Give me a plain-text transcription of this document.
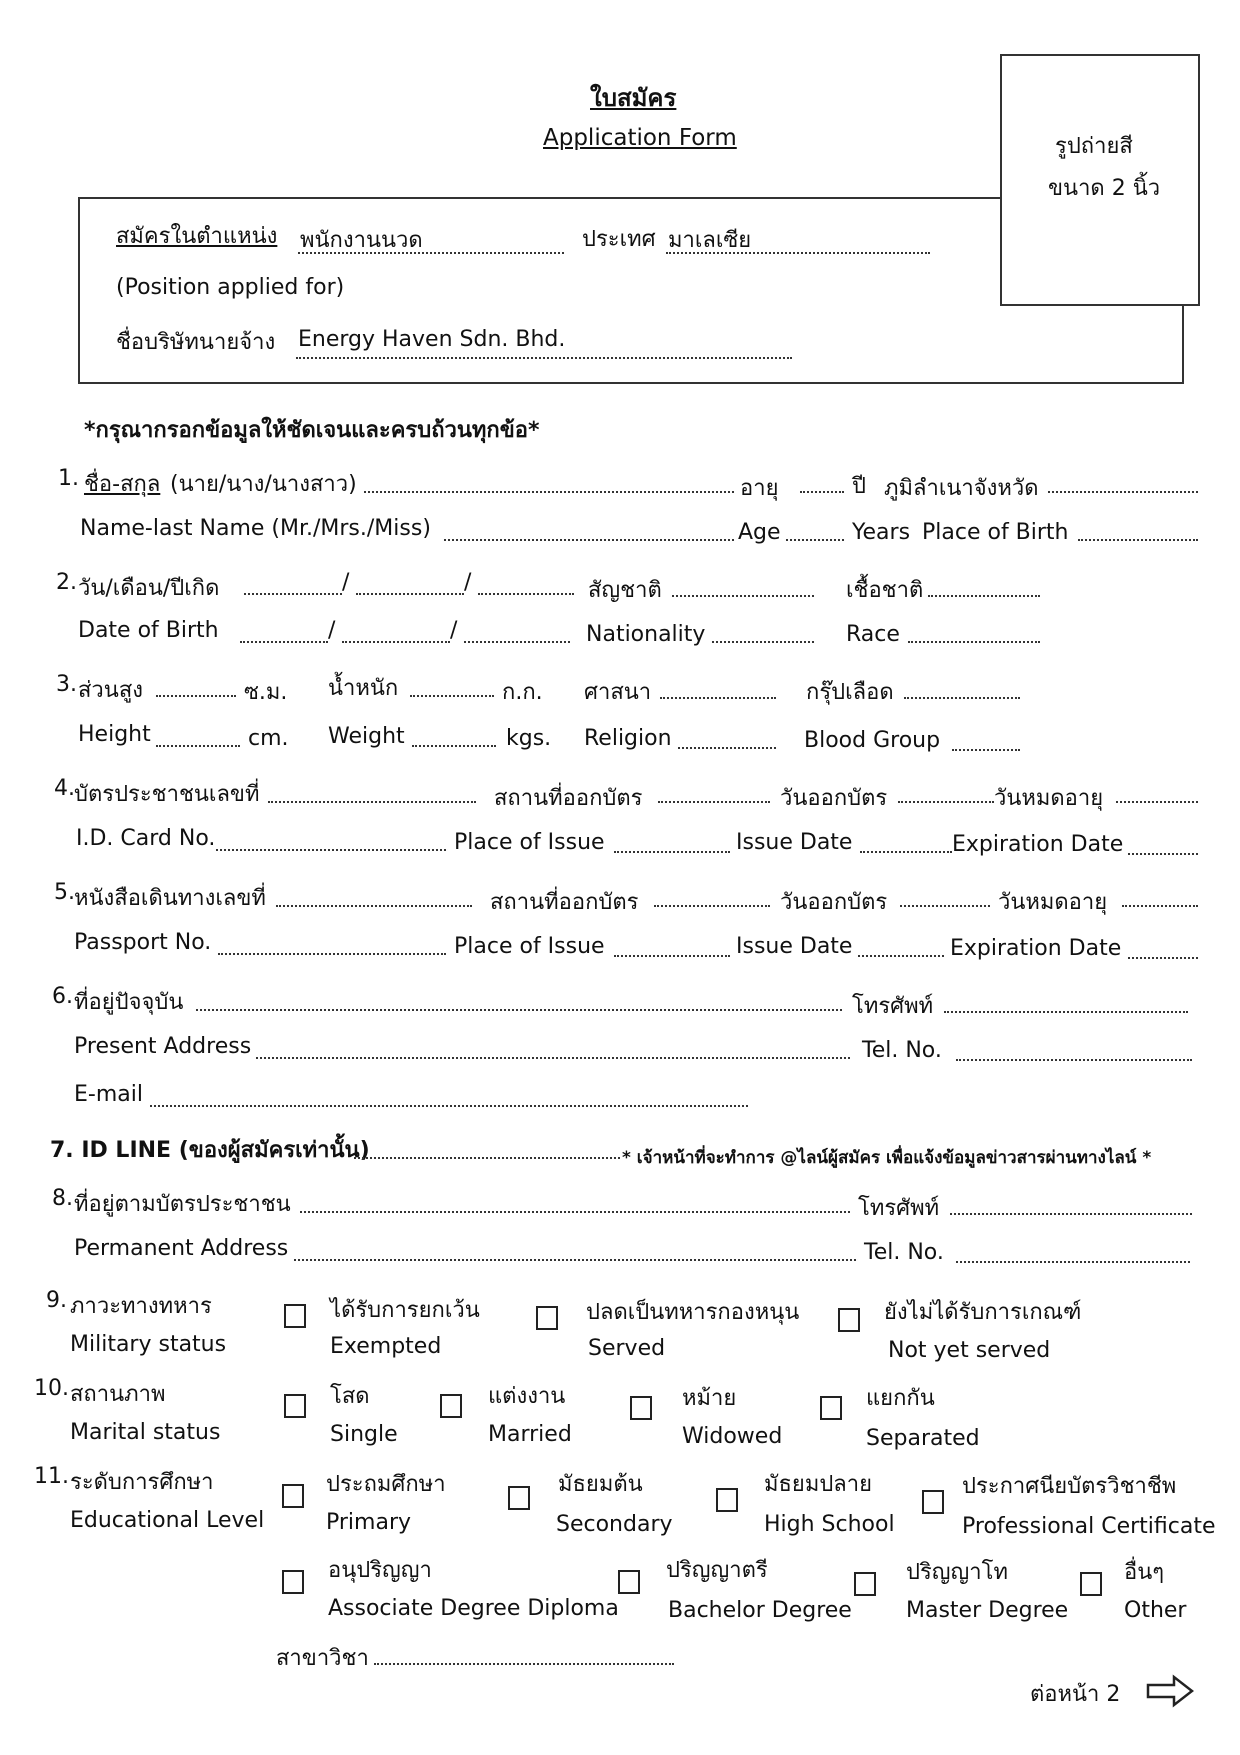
ใบสมัคร
Application Form	รูปถ่ายสี
ขนาด 2 นิ้ว
สมัครในตำแหน่ง พนักงานนวด	ประเทศ มาเลเซีย
(Position applied for)
ชื่อบริษัทนายจ้าง Energy Haven Sdn. Bhd.
*กรุณากรอกข้อมูลให้ชัดเจนและครบถ้วนทุกข้อ*
1. ชื่อ-สกุล (นาย/นาง/นางสาว)	อายุ	ปี ภูมิลำเนาจังหวัด
Name-last Name (Mr./Mrs./Miss)	Age	Years Place of Birth
2. วัน/เดือน/ปีเกิด	/	/	สัญชาติ	เชื้อชาติ
Date of Birth	/	/	Nationality	Race
3. ส่วนสูง	ซ.ม. น้ำหนัก	ก.ก. ศาสนา	กรุ๊ปเลือด
Height	cm. Weight	kgs. Religion	Blood Group
4. บัตรประชาชนเลขที่	สถานที่ออกบัตร	วันออกบัตร	วันหมดอายุ
I.D. Card No.	Place of Issue	Issue Date	Expiration Date
5. หนังสือเดินทางเลขที่	สถานที่ออกบัตร	วันออกบัตร	วันหมดอายุ
Passport No.	Place of Issue	Issue Date	Expiration Date
6. ที่อยู่ปัจจุบัน	โทรศัพท์
Present Address	Tel. No.
E-mail
7. ID LINE (ของผู้สมัครเท่านั้น)	* เจ้าหน้าที่จะทำการ @ไลน์ผู้สมัคร เพื่อแจ้งข้อมูลข่าวสารผ่านทางไลน์ *
8. ที่อยู่ตามบัตรประชาชน	โทรศัพท์
Permanent Address	Tel. No.
9. ภาวะทางทหาร
Military status
ได้รับการยกเว้น
Exempted
ปลดเป็นทหารกองหนุน
Served
ยังไม่ได้รับการเกณฑ์
Not yet served
10. สถานภาพ
Marital status
โสด
Single
แต่งงาน
Married
หม้าย
Widowed
แยกกัน
Separated
11. ระดับการศึกษา
Educational Level
ประถมศึกษา
Primary
มัธยมต้น
Secondary
มัธยมปลาย
High School
ประกาศนียบัตรวิชาชีพ
Professional Certificate
อนุปริญญา
Associate Degree Diploma
ปริญญาตรี
Bachelor Degree
ปริญญาโท
Master Degree
อื่นๆ
Other
สาขาวิชา
ต่อหน้า 2
